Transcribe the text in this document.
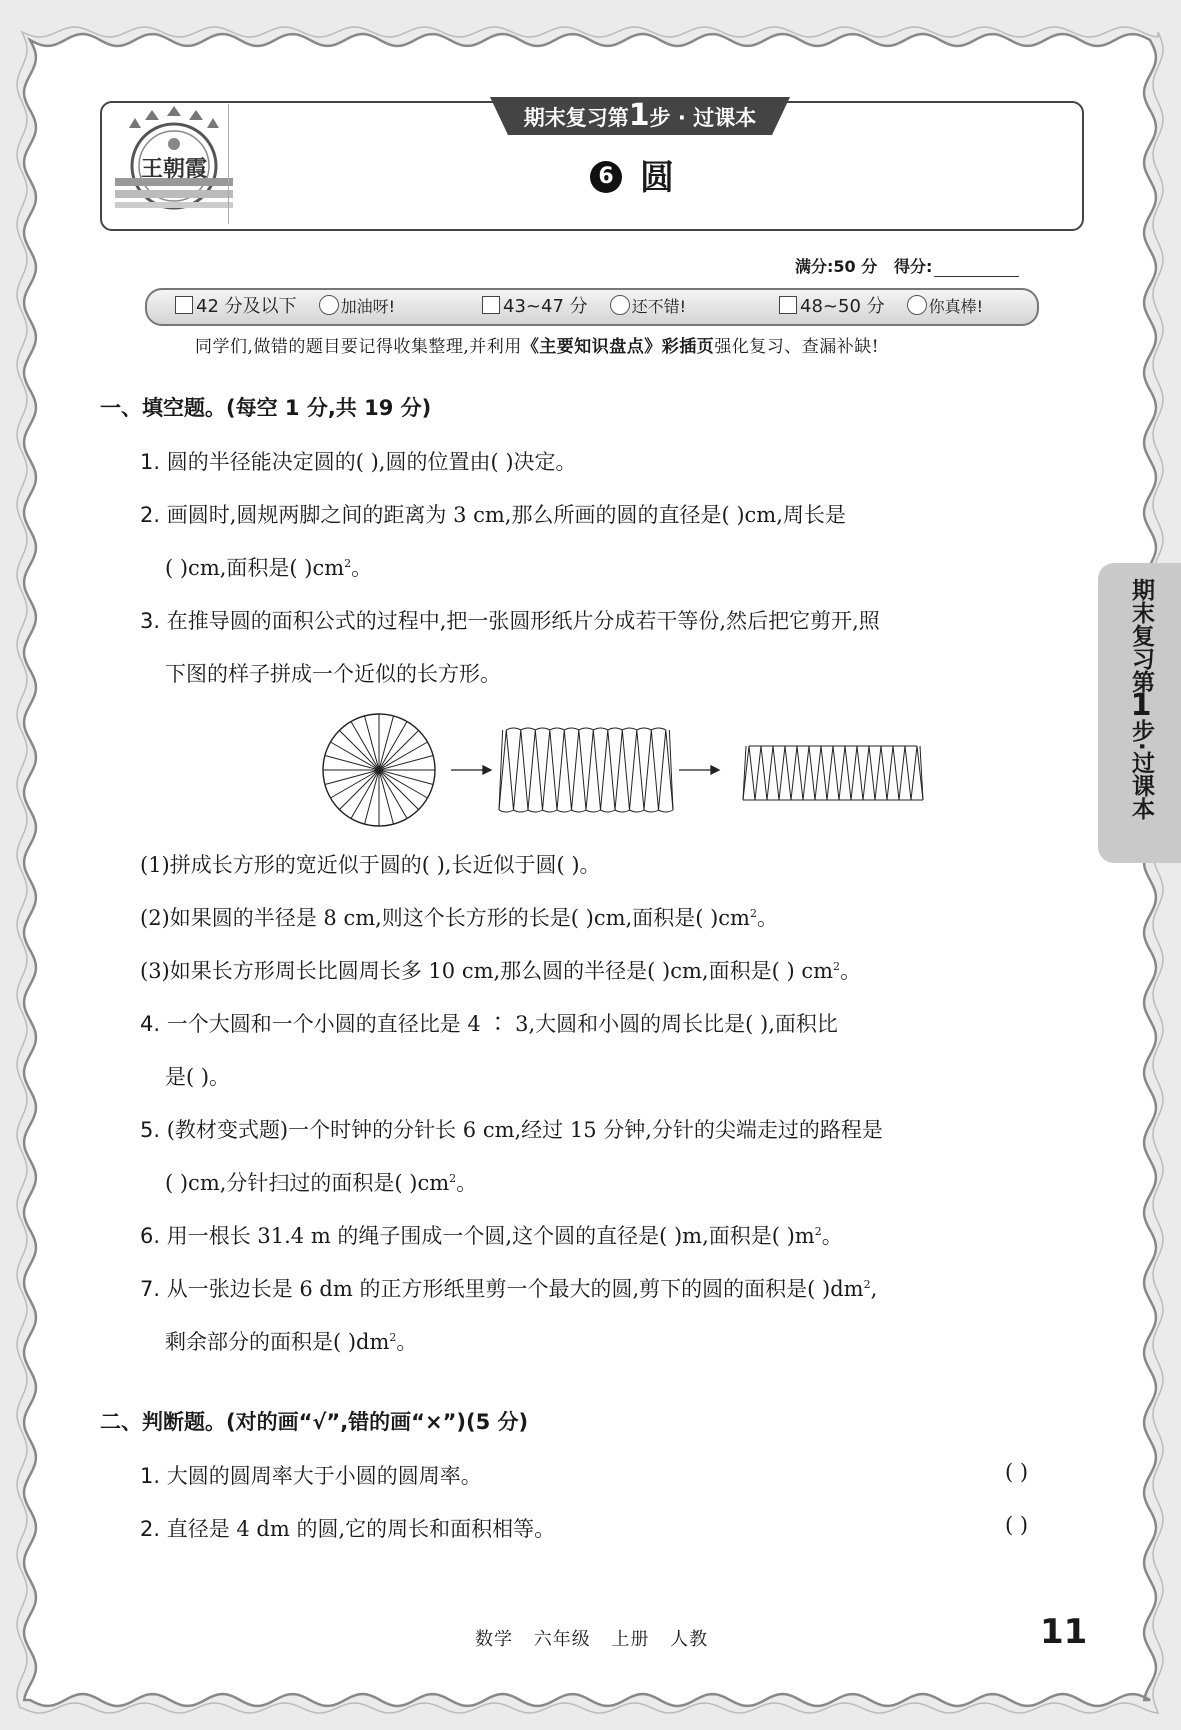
王朝霞
期末复习第1步 · 过课本
6 圆
满分:50 分 得分:
42 分及以下	加油呀!	43~47 分	还不错!	48~50 分	你真棒!
同学们,做错的题目要记得收集整理,并利用《主要知识盘点》彩插页强化复习、查漏补缺!
一、填空题。(每空 1 分,共 19 分)
1. 圆的半径能决定圆的( ),圆的位置由( )决定。
2. 画圆时,圆规两脚之间的距离为 3 cm,那么所画的圆的直径是( )cm,周长是
( )cm,面积是( )$cm^2$。
3. 在推导圆的面积公式的过程中,把一张圆形纸片分成若干等份,然后把它剪开,照
下图的样子拼成一个近似的长方形。
(1)拼成长方形的宽近似于圆的( ),长近似于圆( )。
(2)如果圆的半径是 8 cm,则这个长方形的长是( )cm,面积是( )$cm^2$。
(3)如果长方形周长比圆周长多 10 cm,那么圆的半径是( )cm,面积是( ) $cm^2$。
4. 一个大圆和一个小圆的直径比是 4 ∶ 3,大圆和小圆的周长比是( ),面积比
是( )。
5. (教材变式题)一个时钟的分针长 6 cm,经过 15 分钟,分针的尖端走过的路程是
( )cm,分针扫过的面积是( )$cm^2$。
6. 用一根长 31.4 m 的绳子围成一个圆,这个圆的直径是( )m,面积是( )$m^2$。
7. 从一张边长是 6 dm 的正方形纸里剪一个最大的圆,剪下的圆的面积是( )$dm^2$,
剩余部分的面积是( )$dm^2$。
二、判断题。(对的画“√”,错的画“×”)(5 分)
1. 大圆的圆周率大于小圆的圆周率。	( )
2. 直径是 4 dm 的圆,它的周长和面积相等。	( )
期末复习第1步·过课本
数学 六年级 上册 人教	11
